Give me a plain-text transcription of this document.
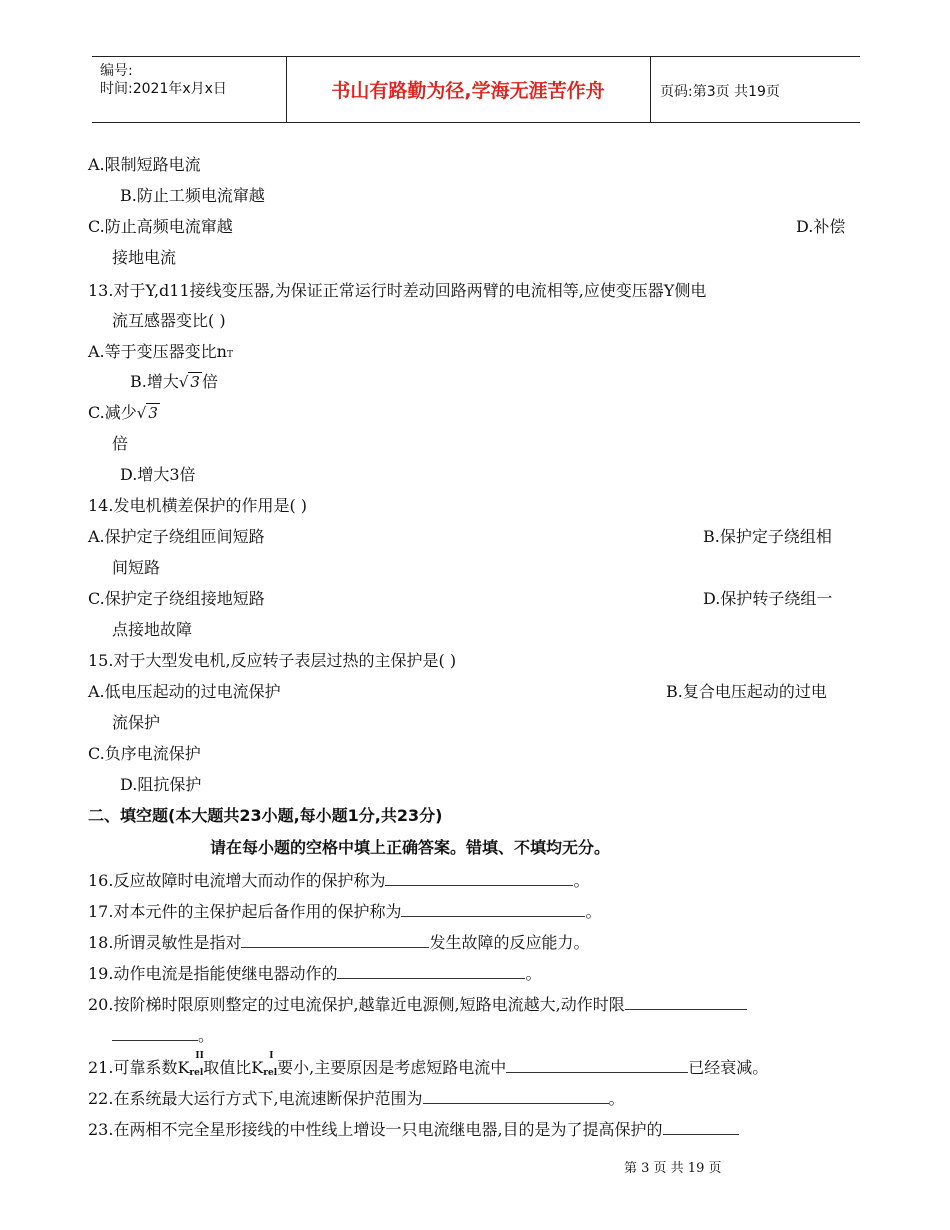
编号:
时间:2021年x月x日	书山有路勤为径,学海无涯苦作舟	页码:第3页 共19页
A.限制短路电流
B.防止工频电流窜越
C.防止高频电流窜越	D.补偿
接地电流
13.对于Y,d11接线变压器,为保证正常运行时差动回路两臂的电流相等,应使变压器Y侧电
流互感器变比( )
A.等于变压器变比nT
B.增大√ 3 倍
C.减少√ 3
倍
D.增大3倍
14.发电机横差保护的作用是( )
A.保护定子绕组匝间短路	B.保护定子绕组相
间短路
C.保护定子绕组接地短路	D.保护转子绕组一
点接地故障
15.对于大型发电机,反应转子表层过热的主保护是( )
A.低电压起动的过电流保护	B.复合电压起动的过电
流保护
C.负序电流保护
D.阻抗保护
二、填空题(本大题共23小题,每小题1分,共23分)
请在每小题的空格中填上正确答案。错填、不填均无分。
16.反应故障时电流增大而动作的保护称为	。
17.对本元件的主保护起后备作用的保护称为	。
18.所谓灵敏性是指对	发生故障的反应能力。
19.动作电流是指能使继电器动作的	。
20.按阶梯时限原则整定的过电流保护,越靠近电源侧,短路电流越大,动作时限
。
21.可靠系数K
II
rel取值比K
I
rel要小,主要原因是考虑短路电流中	已经衰减。
22.在系统最大运行方式下,电流速断保护范围为	。
23.在两相不完全星形接线的中性线上增设一只电流继电器,目的是为了提高保护的
第 3 页 共 19 页
